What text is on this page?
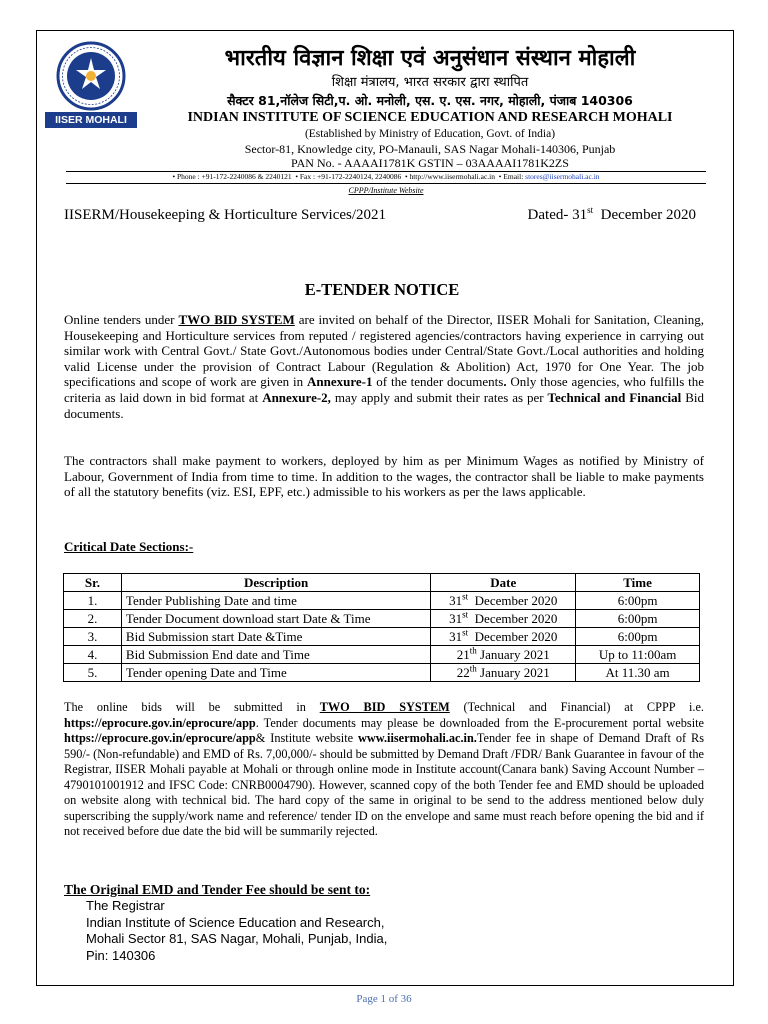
IISER MOHALI
भारतीय विज्ञान शिक्षा एवं अनुसंधान संस्थान मोहाली
शिक्षा मंत्रालय, भारत सरकार द्वारा स्थापित
सैक्टर 81,नॉलेज सिटी,प. ओ. मनोली, एस. ए. एस. नगर, मोहाली, पंजाब 140306
INDIAN INSTITUTE OF SCIENCE EDUCATION AND RESEARCH MOHALI
(Established by Ministry of Education, Govt. of India)
Sector-81, Knowledge city, PO-Manauli, SAS Nagar Mohali-140306, Punjab
PAN No. - AAAAI1781K GSTIN – 03AAAAI1781K2ZS
• Phone : +91-172-2240086 & 2240121 • Fax : +91-172-2240124, 2240086 • http://www.iisermohali.ac.in • Email: stores@iisermohali.ac.in
CPPP/Institute Website
IISERM/Housekeeping & Horticulture Services/2021	Dated- 31st December 2020
E-TENDER NOTICE

Online tenders under TWO BID SYSTEM are invited on behalf of the Director, IISER Mohali for Sanitation, Cleaning, Housekeeping and Horticulture services from reputed / registered agencies/contractors having experience in carrying out similar work with Central Govt./ State Govt./Autonomous bodies under Central/State Govt./Local authorities and holding valid License under the provision of Contract Labour (Regulation & Abolition) Act, 1970 for One Year. The job specifications and scope of work are given in Annexure-1 of the tender documents. Only those agencies, who fulfills the criteria as laid down in bid format at Annexure-2, may apply and submit their rates as per Technical and Financial Bid documents.

The contractors shall make payment to workers, deployed by him as per Minimum Wages as notified by Ministry of Labour, Government of India from time to time. In addition to the wages, the contractor shall be liable to make payments of all the statutory benefits (viz. ESI, EPF, etc.) admissible to his workers as per the laws applicable.

Critical Date Sections:-
Sr.	Description	Date	Time
1.	Tender Publishing Date and time	31st December 2020	6:00pm
2.	Tender Document download start Date & Time	31st December 2020	6:00pm
3.	Bid Submission start Date &Time	31st December 2020	6:00pm
4.	Bid Submission End date and Time	21th January 2021	Up to 11:00am
5.	Tender opening Date and Time	22th January 2021	At 11.30 am

The online bids will be submitted in TWO BID SYSTEM (Technical and Financial) at CPPP i.e. https://eprocure.gov.in/eprocure/app. Tender documents may please be downloaded from the E-procurement portal website https://eprocure.gov.in/eprocure/app& Institute website www.iisermohali.ac.in.Tender fee in shape of Demand Draft of Rs 590/- (Non-refundable) and EMD of Rs. 7,00,000/- should be submitted by Demand Draft /FDR/ Bank Guarantee in favour of the Registrar, IISER Mohali payable at Mohali or through online mode in Institute account(Canara bank) Saving Account Number – 4790101001912 and IFSC Code: CNRB0004790). However, scanned copy of the both Tender fee and EMD should be uploaded on website along with technical bid. The hard copy of the same in original to be send to the address mentioned below duly superscribing the supply/work name and reference/ tender ID on the envelope and same must reach before opening the bid and if not received before due date the bid will be summarily rejected.

The Original EMD and Tender Fee should be sent to:
The Registrar
Indian Institute of Science Education and Research,
Mohali Sector 81, SAS Nagar, Mohali, Punjab, India,
Pin: 140306
Page 1 of 36
